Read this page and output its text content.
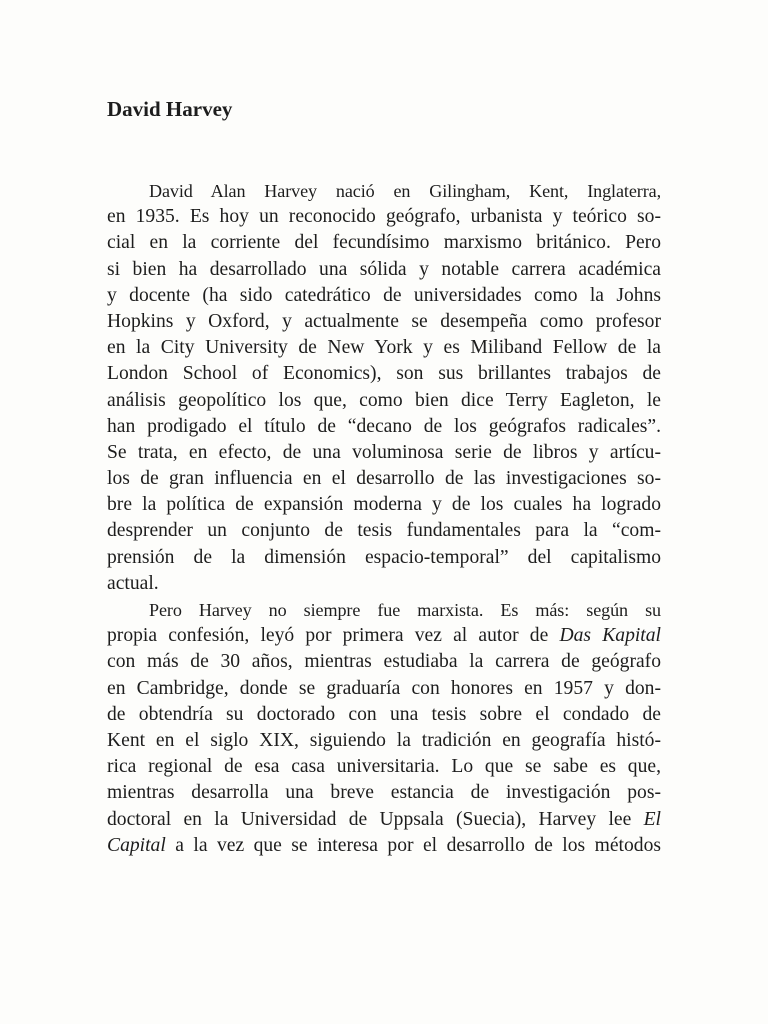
David Harvey
David Alan Harvey nació en Gilingham, Kent, Inglaterra,
en 1935. Es hoy un reconocido geógrafo, urbanista y teórico so-
cial en la corriente del fecundísimo marxismo británico. Pero
si bien ha desarrollado una sólida y notable carrera académica
y docente (ha sido catedrático de universidades como la Johns
Hopkins y Oxford, y actualmente se desempeña como profesor
en la City University de New York y es Miliband Fellow de la
London School of Economics), son sus brillantes trabajos de
análisis geopolítico los que, como bien dice Terry Eagleton, le
han prodigado el título de “decano de los geógrafos radicales”.
Se trata, en efecto, de una voluminosa serie de libros y artícu-
los de gran influencia en el desarrollo de las investigaciones so-
bre la política de expansión moderna y de los cuales ha logrado
desprender un conjunto de tesis fundamentales para la “com-
prensión de la dimensión espacio-temporal” del capitalismo
actual.
Pero Harvey no siempre fue marxista. Es más: según su
propia confesión, leyó por primera vez al autor de Das Kapital
con más de 30 años, mientras estudiaba la carrera de geógrafo
en Cambridge, donde se graduaría con honores en 1957 y don-
de obtendría su doctorado con una tesis sobre el condado de
Kent en el siglo XIX, siguiendo la tradición en geografía histó-
rica regional de esa casa universitaria. Lo que se sabe es que,
mientras desarrolla una breve estancia de investigación pos-
doctoral en la Universidad de Uppsala (Suecia), Harvey lee El
Capital a la vez que se interesa por el desarrollo de los métodos
